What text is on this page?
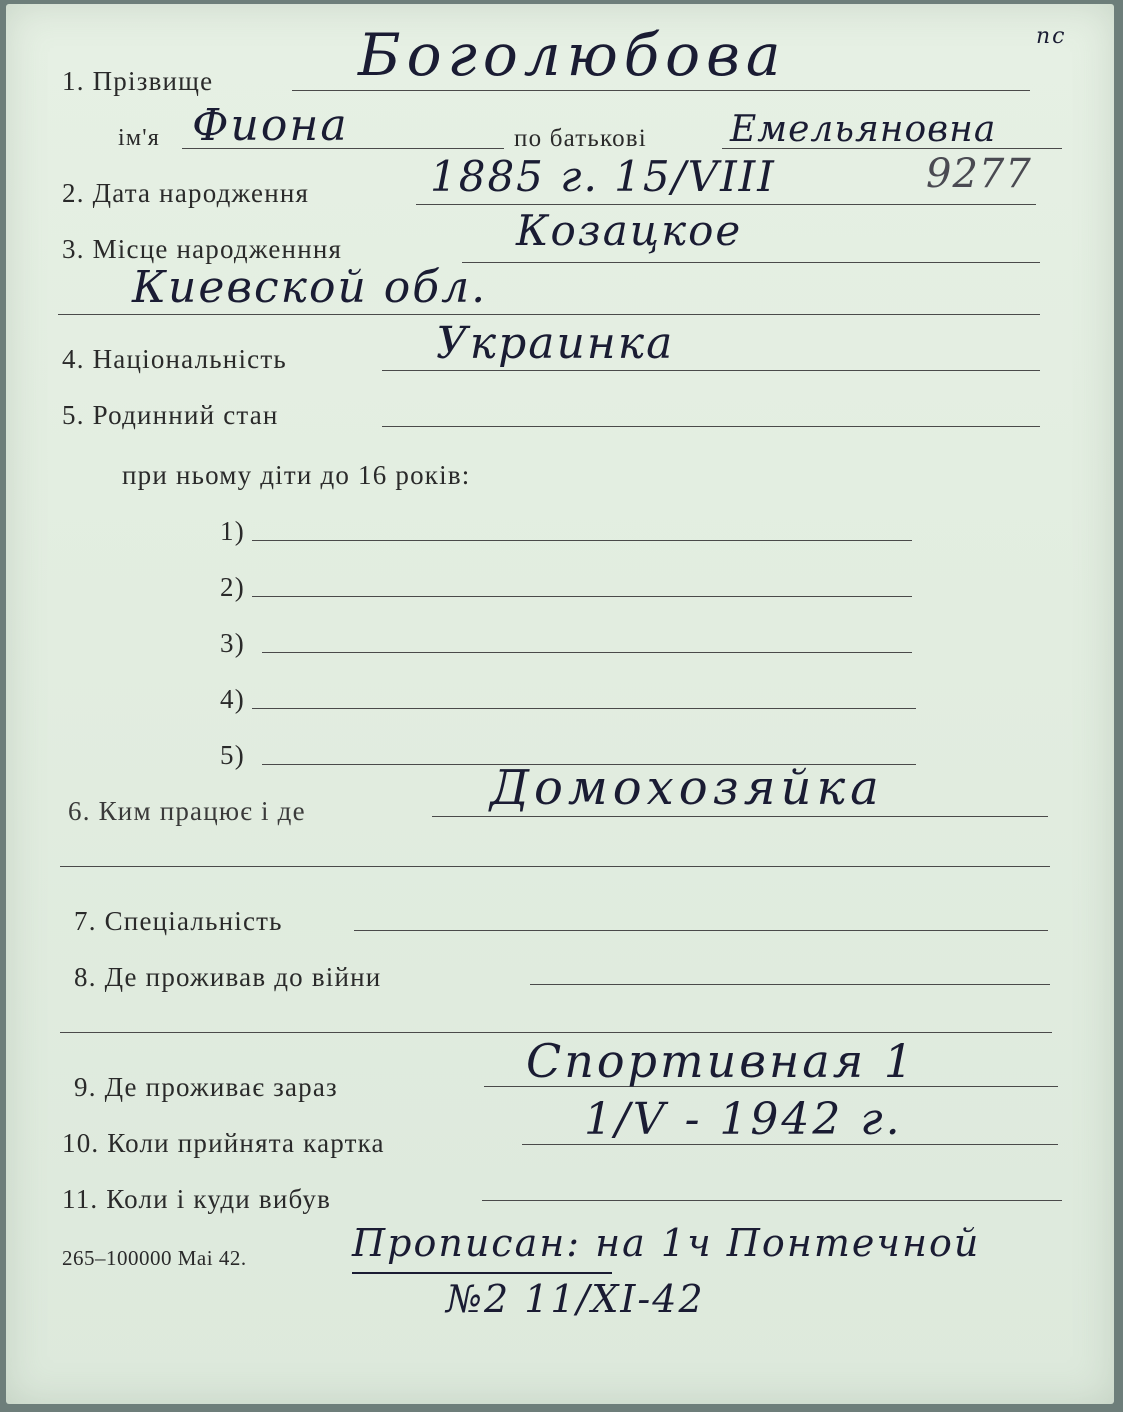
пс
1. Прізвище Боголюбова
ім'я Фиона	по батькові Емельяновна
2. Дата народження	1885 г. 15/VIII	9277
3. Місце народженння	Козацкое
Киевской обл.
4. Національність	Украинка
5. Родинний стан
при ньому діти до 16 років:
1)
2)
3)
4)
5)
6. Ким працює і де	Домохозяйка
7. Спеціальність
8. Де проживав до війни
9. Де проживає зараз	Спортивная 1
10. Коли прийнята картка	1/V - 1942 г.
11. Коли і куди вибув
265–100000 Mai 42.	Прописан: на 1ч Понтечной
№2 11/XI-42
